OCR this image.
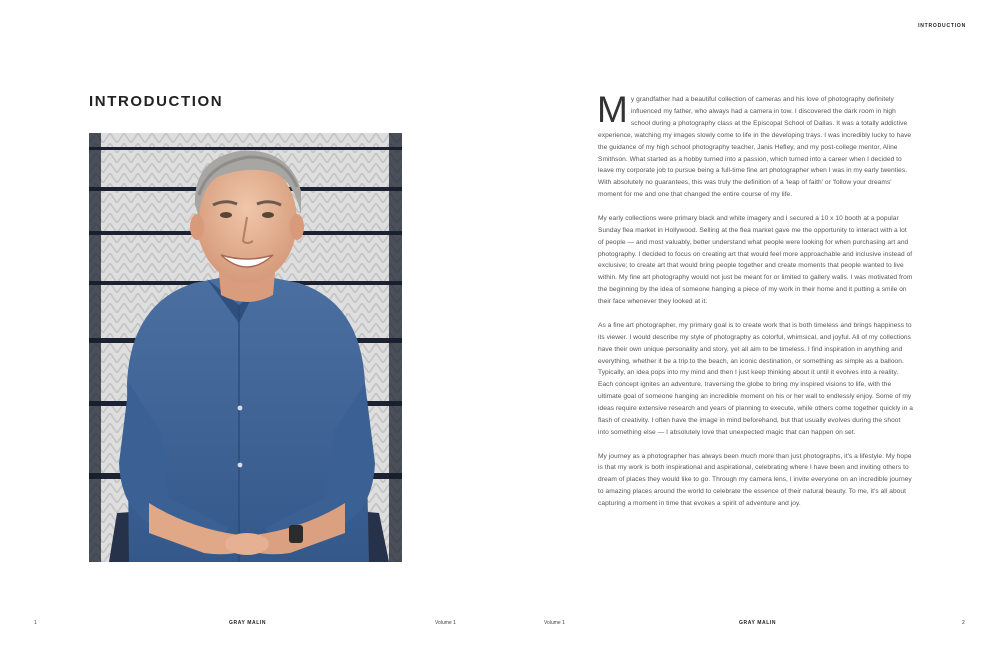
INTRODUCTION
INTRODUCTION	My grandfather had a beautiful collection of cameras and his love of photography definitely influenced my father, who always had a camera in tow. I discovered the dark room in high school during a photography class at the Episcopal School of Dallas. It was a totally addictive experience, watching my images slowly come to life in the developing trays. I was incredibly lucky to have the guidance of my high school photography teacher, Janis Hefley, and my post-college mentor, Aline Smithson. What started as a hobby turned into a passion, which turned into a career when I decided to leave my corporate job to pursue being a full-time fine art photographer when I was in my early twenties. With absolutely no guarantees, this was truly the definition of a 'leap of faith' or 'follow your dreams' moment for me and one that changed the entire course of my life.

My early collections were primary black and white imagery and I secured a 10 x 10 booth at a popular Sunday flea market in Hollywood. Selling at the flea market gave me the opportunity to interact with a lot of people — and most valuably, better understand what people were looking for when purchasing art and photography. I decided to focus on creating art that would feel more approachable and inclusive instead of exclusive; to create art that would bring people together and create moments that people wanted to live within. My fine art photography would not just be meant for or limited to gallery walls. I was motivated from the beginning by the idea of someone hanging a piece of my work in their home and it putting a smile on their face whenever they looked at it.

As a fine art photographer, my primary goal is to create work that is both timeless and brings happiness to its viewer. I would describe my style of photography as colorful, whimsical, and joyful. All of my collections have their own unique personality and story, yet all aim to be timeless. I find inspiration in anything and everything, whether it be a trip to the beach, an iconic destination, or something as simple as a balloon. Typically, an idea pops into my mind and then I just keep thinking about it until it evolves into a reality. Each concept ignites an adventure, traversing the globe to bring my inspired visions to life, with the ultimate goal of someone hanging an incredible moment on his or her wall to endlessly enjoy. Some of my ideas require extensive research and years of planning to execute, while others come together quickly in a flash of creativity. I often have the image in mind beforehand, but that usually evolves during the shoot into something else — I absolutely love that unexpected magic that can happen on set.

My journey as a photographer has always been much more than just photographs, it's a lifestyle. My hope is that my work is both inspirational and aspirational, celebrating where I have been and inviting others to dream of places they would like to go. Through my camera lens, I invite everyone on an incredible journey to amazing places around the world to celebrate the essence of their natural beauty. To me, it's all about capturing a moment in time that evokes a spirit of adventure and joy.

1	GRAY MALIN	Volume 1	Volume 1	GRAY MALIN	2
